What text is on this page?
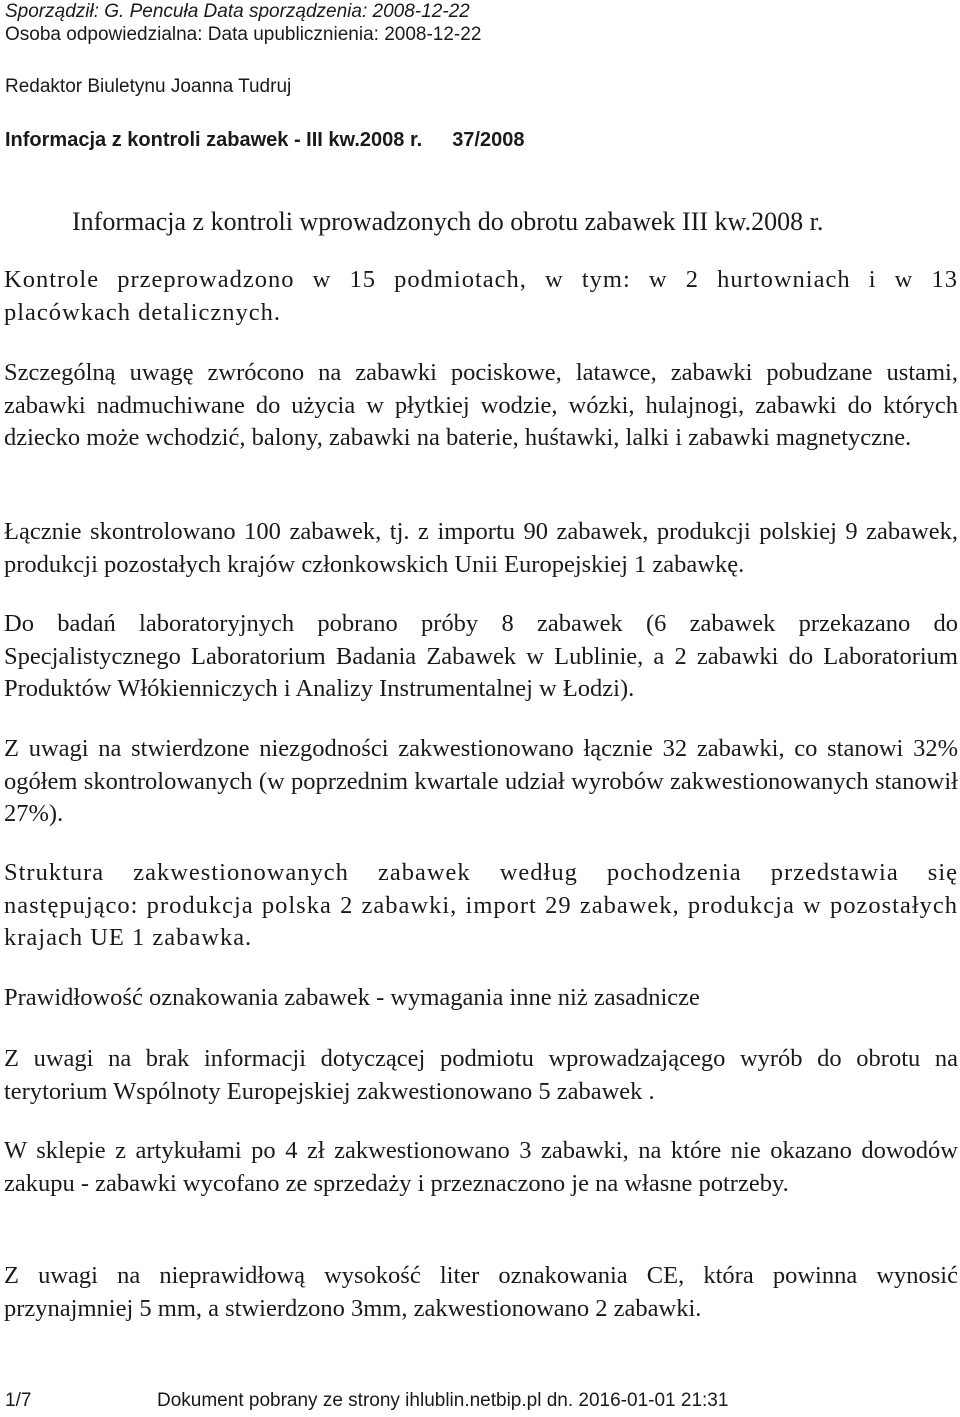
Sporządził: G. Pencuła Data sporządzenia: 2008-12-22
Osoba odpowiedzialna: Data upublicznienia: 2008-12-22
Redaktor Biuletynu Joanna Tudruj
Informacja z kontroli zabawek - III kw.2008 r. 37/2008
Informacja z kontroli wprowadzonych do obrotu zabawek III kw.2008 r.

Kontrole przeprowadzono w 15 podmiotach, w tym: w 2 hurtowniach i w 13 placówkach detalicznych.

Szczególną uwagę zwrócono na zabawki pociskowe, latawce, zabawki pobudzane ustami, zabawki nadmuchiwane do użycia w płytkiej wodzie, wózki, hulajnogi, zabawki do których dziecko może wchodzić, balony, zabawki na baterie, huśtawki, lalki i zabawki magnetyczne.

Łącznie skontrolowano 100 zabawek, tj. z importu 90 zabawek, produkcji polskiej 9 zabawek, produkcji pozostałych krajów członkowskich Unii Europejskiej 1 zabawkę.

Do badań laboratoryjnych pobrano próby 8 zabawek (6 zabawek przekazano do Specjalistycznego Laboratorium Badania Zabawek w Lublinie, a 2 zabawki do Laboratorium Produktów Włókienniczych i Analizy Instrumentalnej w Łodzi).

Z uwagi na stwierdzone niezgodności zakwestionowano łącznie 32 zabawki, co stanowi 32% ogółem skontrolowanych (w poprzednim kwartale udział wyrobów zakwestionowanych stanowił 27%).

Struktura zakwestionowanych zabawek według pochodzenia przedstawia się następująco: produkcja polska 2 zabawki, import 29 zabawek, produkcja w pozostałych krajach UE 1 zabawka.

Prawidłowość oznakowania zabawek - wymagania inne niż zasadnicze

Z uwagi na brak informacji dotyczącej podmiotu wprowadzającego wyrób do obrotu na terytorium Wspólnoty Europejskiej zakwestionowano 5 zabawek .

W sklepie z artykułami po 4 zł zakwestionowano 3 zabawki, na które nie okazano dowodów zakupu - zabawki wycofano ze sprzedaży i przeznaczono je na własne potrzeby.

Z uwagi na nieprawidłową wysokość liter oznakowania CE, która powinna wynosić przynajmniej 5 mm, a stwierdzono 3mm, zakwestionowano 2 zabawki.

1/7	Dokument pobrany ze strony ihlublin.netbip.pl dn. 2016-01-01 21:31
